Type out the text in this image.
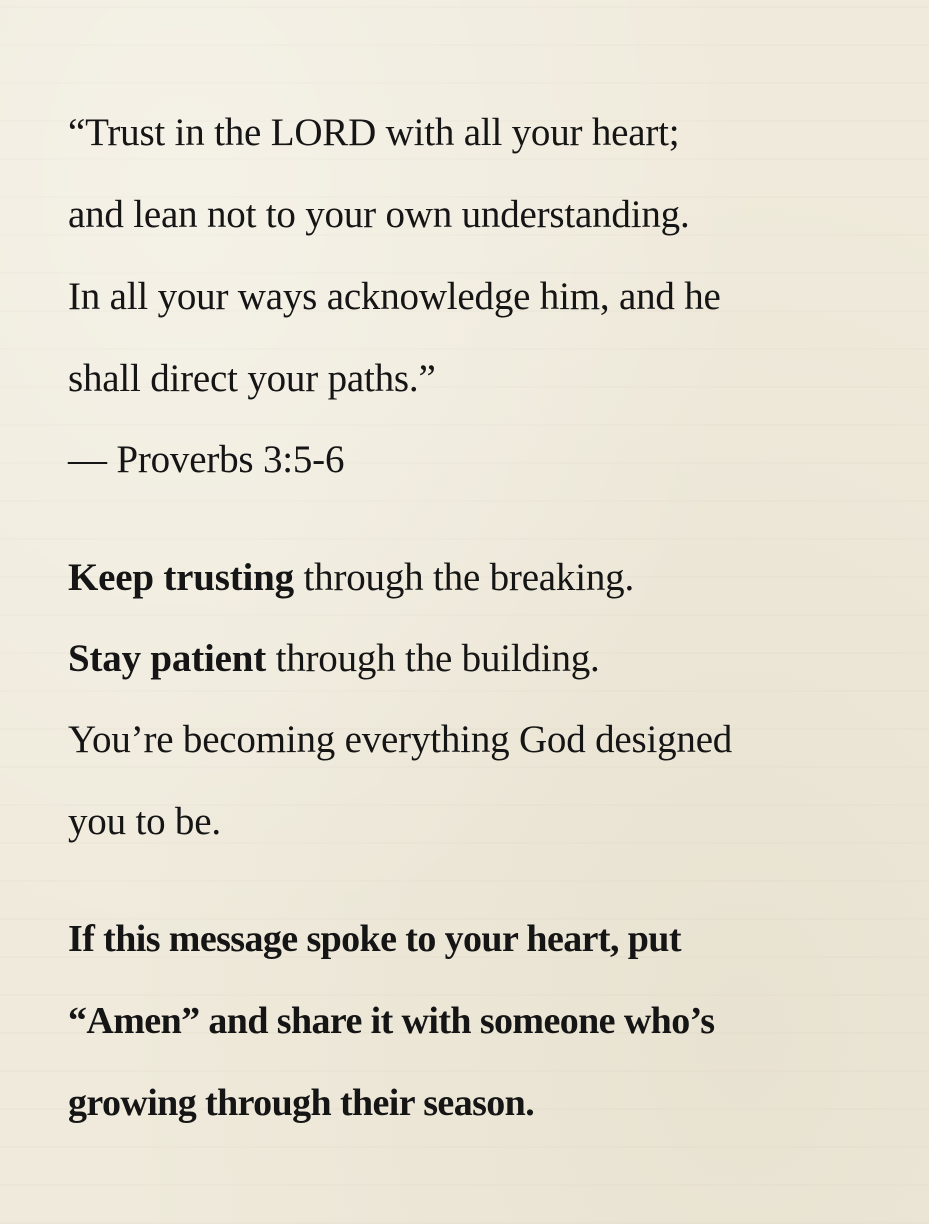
“Trust in the LORD with all your heart;
and lean not to your own understanding.
In all your ways acknowledge him, and he
shall direct your paths.”
— Proverbs 3:5-6
Keep trusting through the breaking.
Stay patient through the building.
You’re becoming everything God designed
you to be.
If this message spoke to your heart, put
“Amen” and share it with someone who’s
growing through their season.
